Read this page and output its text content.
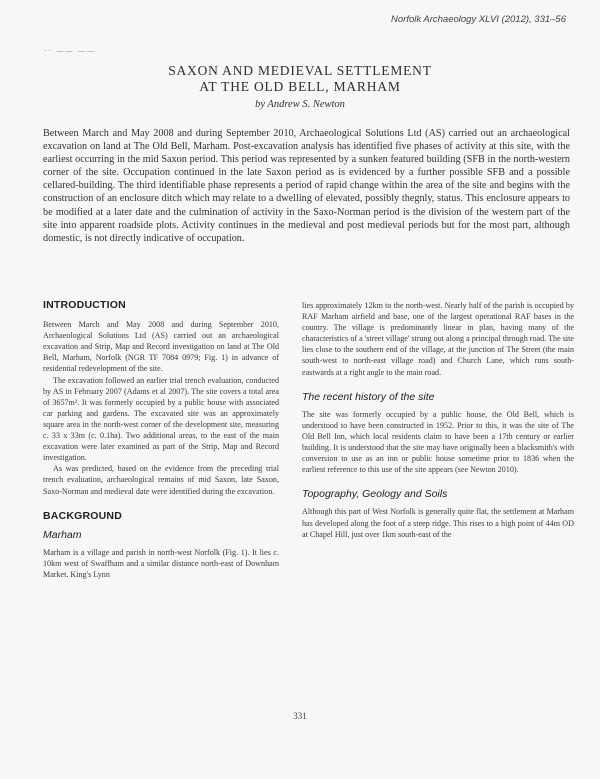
Norfolk Archaeology XLVI (2012), 331–56
·· —— ——
SAXON AND MEDIEVAL SETTLEMENT
AT THE OLD BELL, MARHAM
by Andrew S. Newton
Between March and May 2008 and during September 2010, Archaeological Solutions Ltd (AS) carried out an archaeological excavation on land at The Old Bell, Marham. Post-excavation analysis has identified five phases of activity at this site, with the earliest occurring in the mid Saxon period. This period was represented by a sunken featured building (SFB in the north-western corner of the site. Occupation continued in the late Saxon period as is evidenced by a further possible SFB and a possible cellared-building. The third identifiable phase represents a period of rapid change within the area of the site and begins with the construction of an enclosure ditch which may relate to a dwelling of elevated, possibly thegnly, status. This enclosure appears to be modified at a later date and the culmination of activity in the Saxo-Norman period is the division of the western part of the site into apparent roadside plots. Activity continues in the medieval and post medieval periods but for the most part, although domestic, is not directly indicative of occupation.
INTRODUCTION

Between March and May 2008 and during September 2010, Archaeological Solutions Ltd (AS) carried out an archaeological excavation and Strip, Map and Record investigation on land at The Old Bell, Marham, Norfolk (NGR TF 7084 0979; Fig. 1) in advance of residential redevelopment of the site.

The excavation followed an earlier trial trench evaluation, conducted by AS in February 2007 (Adams et al 2007). The site covers a total area of 3657m². It was formerly occupied by a public house with associated car parking and gardens. The excavated site was an approximately square area in the north-west corner of the development site, measuring c. 33 x 33m (c. 0.1ha). Two additional areas, to the east of the main excavation were later examined as part of the Strip, Map and Record investigation.

As was predicted, based on the evidence from the preceding trial trench evaluation, archaeological remains of mid Saxon, late Saxon, Saxo-Norman and medieval date were identified during the excavation.

BACKGROUND
Marham

Marham is a village and parish in north-west Norfolk (Fig. 1). It lies c. 10km west of Swaffham and a similar distance north-east of Downham Market. King's Lynn

lies approximately 12km to the north-west. Nearly half of the parish is occupied by RAF Marham airfield and base, one of the largest operational RAF bases in the country. The village is predominantly linear in plan, having many of the characteristics of a 'street village' strung out along a principal through road. The site lies close to the southern end of the village, at the junction of The Street (the main south-west to north-east village road) and Church Lane, which runs south-eastwards at a right angle to the main road.

The recent history of the site

The site was formerly occupied by a public house, the Old Bell, which is understood to have been constructed in 1952. Prior to this, it was the site of The Old Bell Inn, which local residents claim to have been a 17th century or earlier building. It is understood that the site may have originally been a blacksmith's with conversion to use as an inn or public house sometime prior to 1836 when the earliest reference to this use of the site appears (see Newton 2010).

Topography, Geology and Soils

Although this part of West Norfolk is generally quite flat, the settlement at Marham has developed along the foot of a steep ridge. This rises to a high point of 44m OD at Chapel Hill, just over 1km south-east of the

331
